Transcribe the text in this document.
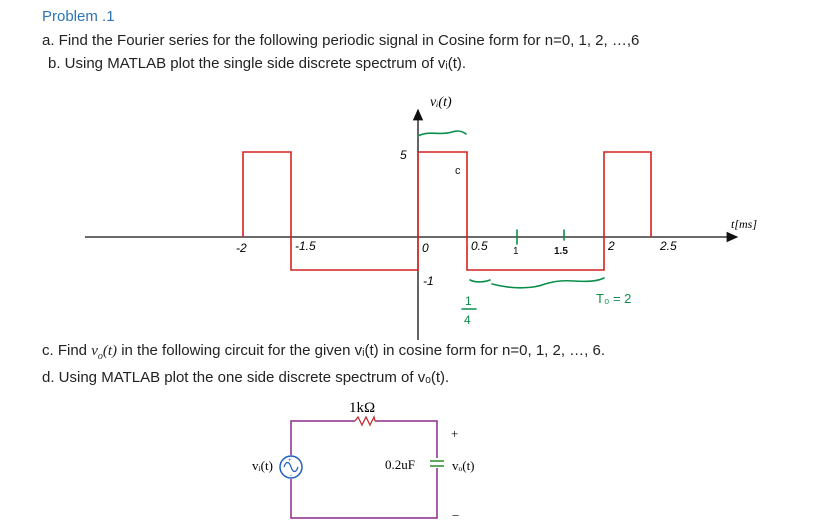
Problem .1
a. Find the Fourier series for the following periodic signal in Cosine form for n=0, 1, 2, …,6
b. Using MATLAB plot the single side discrete spectrum of vᵢ(t).
c. Find $v_o(t)$ in the following circuit for the given vᵢ(t) in cosine form for n=0, 1, 2, …, 6.
d. Using MATLAB plot the one side discrete spectrum of vₒ(t).
-2	-1.5	0	0.5	2	2.5
5
-1
vᵢ(t)
t[ms]
c
1	1.5
T₀ = 2
1
4
+
−
1kΩ
0.2uF
vᵢ(t)	vₒ(t)
+
−
